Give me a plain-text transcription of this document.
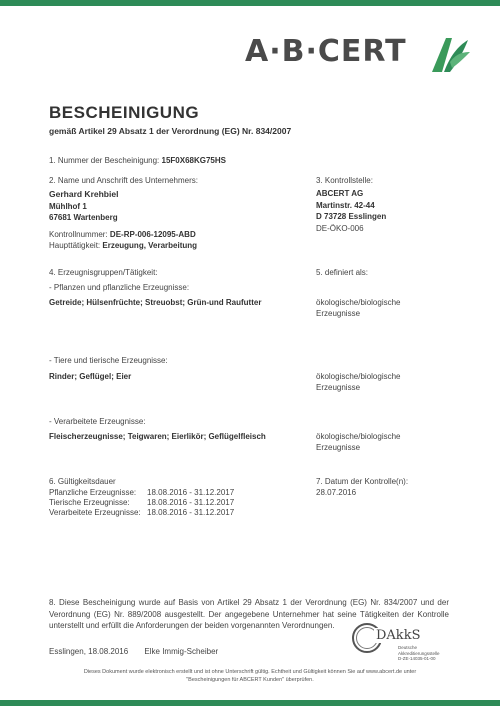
A·B·CERT
BESCHEINIGUNG
gemäß Artikel 29 Absatz 1 der Verordnung (EG) Nr. 834/2007
1. Nummer der Bescheinigung: 15F0X68KG75HS
2. Name und Anschrift des Unternehmers:
Gerhard Krehbiel
Mühlhof 1
67681 Wartenberg
Kontrollnummer: DE-RP-006-12095-ABD
Haupttätigkeit: Erzeugung, Verarbeitung
3. Kontrollstelle:
ABCERT AG
Martinstr. 42-44
D 73728 Esslingen
DE-ÖKO-006
4. Erzeugnisgruppen/Tätigkeit:
- Pflanzen und pflanzliche Erzeugnisse:
Getreide; Hülsenfrüchte; Streuobst; Grün-und Raufutter
- Tiere und tierische Erzeugnisse:
Rinder; Geflügel; Eier
- Verarbeitete Erzeugnisse:
Fleischerzeugnisse; Teigwaren; Eierlikör; Geflügelfleisch
5. definiert als:
ökologische/biologische
Erzeugnisse
ökologische/biologische
Erzeugnisse
ökologische/biologische
Erzeugnisse
6. Gültigkeitsdauer
Pflanzliche Erzeugnisse: 18.08.2016 - 31.12.2017
Tierische Erzeugnisse: 18.08.2016 - 31.12.2017
Verarbeitete Erzeugnisse: 18.08.2016 - 31.12.2017
7. Datum der Kontrolle(n):
28.07.2016
8. Diese Bescheinigung wurde auf Basis von Artikel 29 Absatz 1 der Verordnung (EG) Nr. 834/2007 und der Verordnung (EG) Nr. 889/2008 ausgestellt. Der angegebene Unternehmer hat seine Tätigkeiten der Kontrolle unterstellt und erfüllt die Anforderungen der beiden vorgenannten Verordnungen.
Esslingen, 18.08.2016 Elke Immig-Scheiber
DAkkS
Deutsche
Akkreditierungsstelle
D-ZE-14035-01-00
Dieses Dokument wurde elektronisch erstellt und ist ohne Unterschrift gültig. Echtheit und Gültigkeit können Sie auf www.abcert.de unter
"Bescheinigungen für ABCERT Kunden" überprüfen.
